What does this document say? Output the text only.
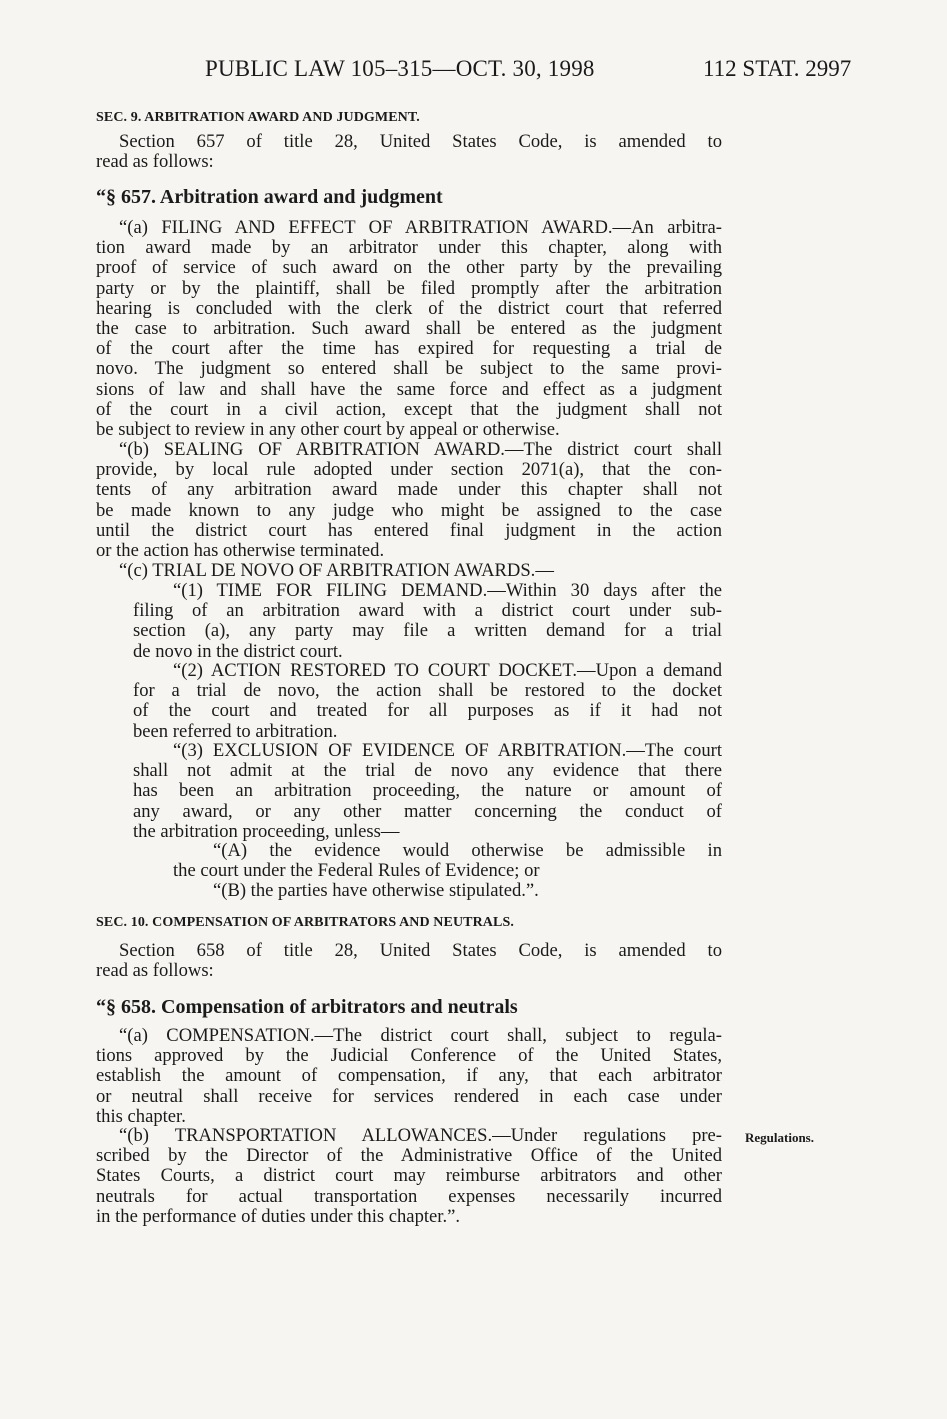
PUBLIC LAW 105–315—OCT. 30, 1998	112 STAT. 2997
SEC. 9. ARBITRATION AWARD AND JUDGMENT.
Section 657 of title 28, United States Code, is amended to
read as follows:
“§ 657. Arbitration award and judgment
“(a) FILING AND EFFECT OF ARBITRATION AWARD.—An arbitra-
tion award made by an arbitrator under this chapter, along with
proof of service of such award on the other party by the prevailing
party or by the plaintiff, shall be filed promptly after the arbitration
hearing is concluded with the clerk of the district court that referred
the case to arbitration. Such award shall be entered as the judgment
of the court after the time has expired for requesting a trial de
novo. The judgment so entered shall be subject to the same provi-
sions of law and shall have the same force and effect as a judgment
of the court in a civil action, except that the judgment shall not
be subject to review in any other court by appeal or otherwise.
“(b) SEALING OF ARBITRATION AWARD.—The district court shall
provide, by local rule adopted under section 2071(a), that the con-
tents of any arbitration award made under this chapter shall not
be made known to any judge who might be assigned to the case
until the district court has entered final judgment in the action
or the action has otherwise terminated.
“(c) TRIAL DE NOVO OF ARBITRATION AWARDS.—
“(1) TIME FOR FILING DEMAND.—Within 30 days after the
filing of an arbitration award with a district court under sub-
section (a), any party may file a written demand for a trial
de novo in the district court.
“(2) ACTION RESTORED TO COURT DOCKET.—Upon a demand
for a trial de novo, the action shall be restored to the docket
of the court and treated for all purposes as if it had not
been referred to arbitration.
“(3) EXCLUSION OF EVIDENCE OF ARBITRATION.—The court
shall not admit at the trial de novo any evidence that there
has been an arbitration proceeding, the nature or amount of
any award, or any other matter concerning the conduct of
the arbitration proceeding, unless—
“(A) the evidence would otherwise be admissible in
the court under the Federal Rules of Evidence; or
“(B) the parties have otherwise stipulated.”.
SEC. 10. COMPENSATION OF ARBITRATORS AND NEUTRALS.
Section 658 of title 28, United States Code, is amended to
read as follows:
“§ 658. Compensation of arbitrators and neutrals
“(a) COMPENSATION.—The district court shall, subject to regula-
tions approved by the Judicial Conference of the United States,
establish the amount of compensation, if any, that each arbitrator
or neutral shall receive for services rendered in each case under
this chapter.
“(b) TRANSPORTATION ALLOWANCES.—Under regulations pre-
scribed by the Director of the Administrative Office of the United
States Courts, a district court may reimburse arbitrators and other
neutrals for actual transportation expenses necessarily incurred
in the performance of duties under this chapter.”.
Regulations.
